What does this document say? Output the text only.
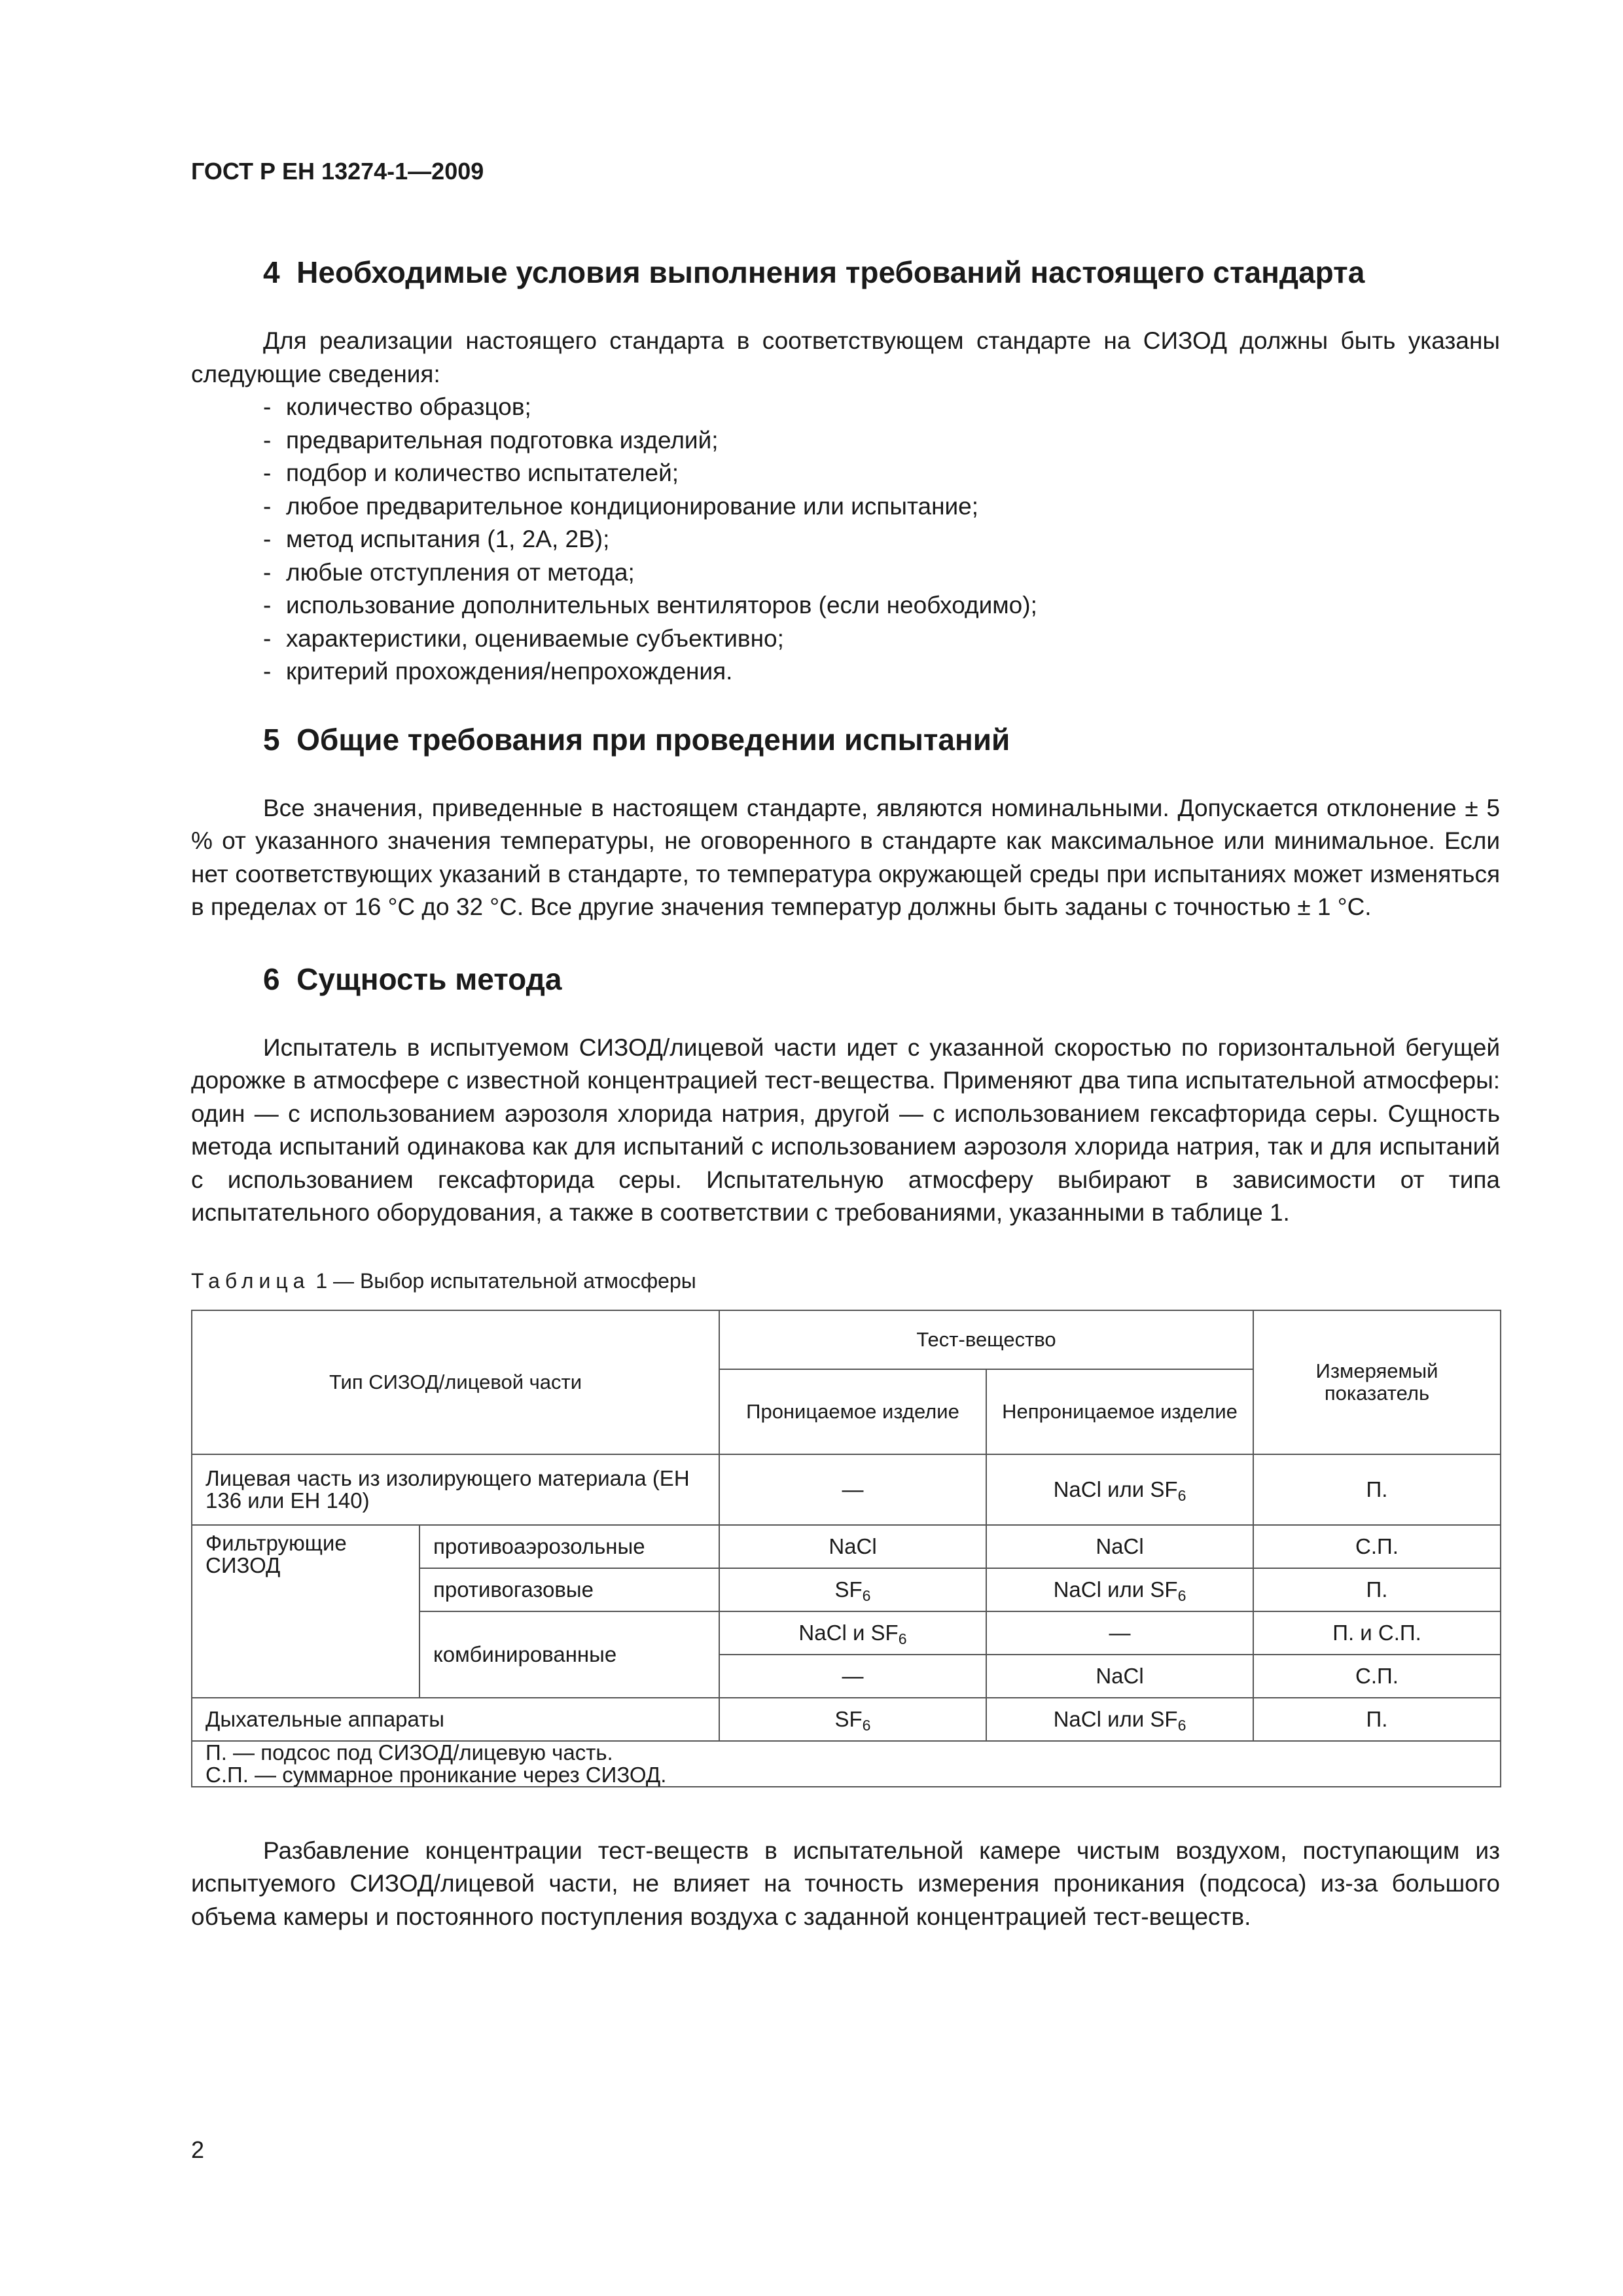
ГОСТ Р ЕН 13274-1—2009
4 Необходимые условия выполнения требований настоящего стандарта

Для реализации настоящего стандарта в соответствующем стандарте на СИЗОД должны быть указаны следующие сведения:

- количество образцов;
- предварительная подготовка изделий;
- подбор и количество испытателей;
- любое предварительное кондиционирование или испытание;
- метод испытания (1, 2А, 2В);
- любые отступления от метода;
- использование дополнительных вентиляторов (если необходимо);
- характеристики, оцениваемые субъективно;
- критерий прохождения/непрохождения.
5 Общие требования при проведении испытаний

Все значения, приведенные в настоящем стандарте, являются номинальными. Допускается отклонение ± 5 % от указанного значения температуры, не оговоренного в стандарте как максимальное или минимальное. Если нет соответствующих указаний в стандарте, то температура окружающей среды при испытаниях может изменяться в пределах от 16 °С до 32 °С. Все другие значения температур должны быть заданы с точностью ± 1 °С.

6 Сущность метода

Испытатель в испытуемом СИЗОД/лицевой части идет с указанной скоростью по горизонтальной бегущей дорожке в атмосфере с известной концентрацией тест-вещества. Применяют два типа испытательной атмосферы: один — с использованием аэрозоля хлорида натрия, другой — с использованием гексафторида серы. Сущность метода испытаний одинакова как для испытаний с использованием аэрозоля хлорида натрия, так и для испытаний с использованием гексафторида серы. Испытательную атмосферу выбирают в зависимости от типа испытательного оборудования, а также в соответствии с требованиями, указанными в таблице 1.

Таблица 1 — Выбор испытательной атмосферы
Тип СИЗОД/лицевой части		Тест-вещество		Измеряемый показатель
		Проницаемое изделие	Непроницаемое изделие	
Лицевая часть из изолирующего материала (ЕН 136 или ЕН 140)		—	NaCl или $SF_6$	П.
Фильтрующие СИЗОД	противоаэрозольные	NaCl	NaCl	С.П.
	противогазовые	$SF_6$	NaCl или $SF_6$	П.
	комбинированные	NaCl и $SF_6$	—	П. и С.П.
		—	NaCl	С.П.
Дыхательные аппараты		$SF_6$	NaCl или $SF_6$	П.

П. — подсос под СИЗОД/лицевую часть.
С.П. — суммарное проникание через СИЗОД.				

Разбавление концентрации тест-веществ в испытательной камере чистым воздухом, поступающим из испытуемого СИЗОД/лицевой части, не влияет на точность измерения проникания (подсоса) из-за большого объема камеры и постоянного поступления воздуха с заданной концентрацией тест-веществ.

2
